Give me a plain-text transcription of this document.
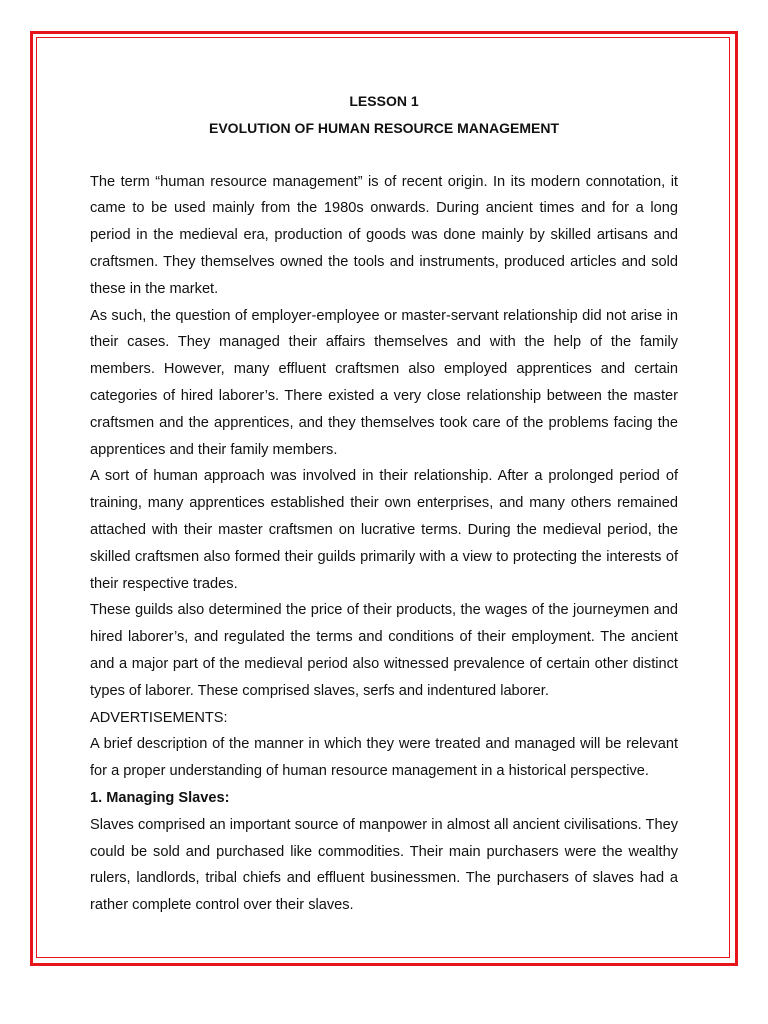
LESSON 1
EVOLUTION OF HUMAN RESOURCE MANAGEMENT

The term “human resource management” is of recent origin. In its modern connotation, it came to be used mainly from the 1980s onwards. During ancient times and for a long period in the medieval era, production of goods was done mainly by skilled artisans and craftsmen. They themselves owned the tools and instruments, produced articles and sold these in the market.

As such, the question of employer-employee or master-servant relationship did not arise in their cases. They managed their affairs themselves and with the help of the family members. However, many effluent craftsmen also employed apprentices and certain categories of hired laborer’s. There existed a very close relationship between the master craftsmen and the apprentices, and they themselves took care of the problems facing the apprentices and their family members.

A sort of human approach was involved in their relationship. After a prolonged period of training, many apprentices established their own enterprises, and many others remained attached with their master craftsmen on lucrative terms. During the medieval period, the skilled craftsmen also formed their guilds primarily with a view to protecting the interests of their respective trades.

These guilds also determined the price of their products, the wages of the journeymen and hired laborer’s, and regulated the terms and conditions of their employment. The ancient and a major part of the medieval period also witnessed prevalence of certain other distinct types of laborer. These comprised slaves, serfs and indentured laborer.

ADVERTISEMENTS:

A brief description of the manner in which they were treated and managed will be relevant for a proper understanding of human resource management in a historical perspective.

1. Managing Slaves:

Slaves comprised an important source of manpower in almost all ancient civilisations. They could be sold and purchased like commodities. Their main purchasers were the wealthy rulers, landlords, tribal chiefs and effluent businessmen. The purchasers of slaves had a rather complete control over their slaves.
